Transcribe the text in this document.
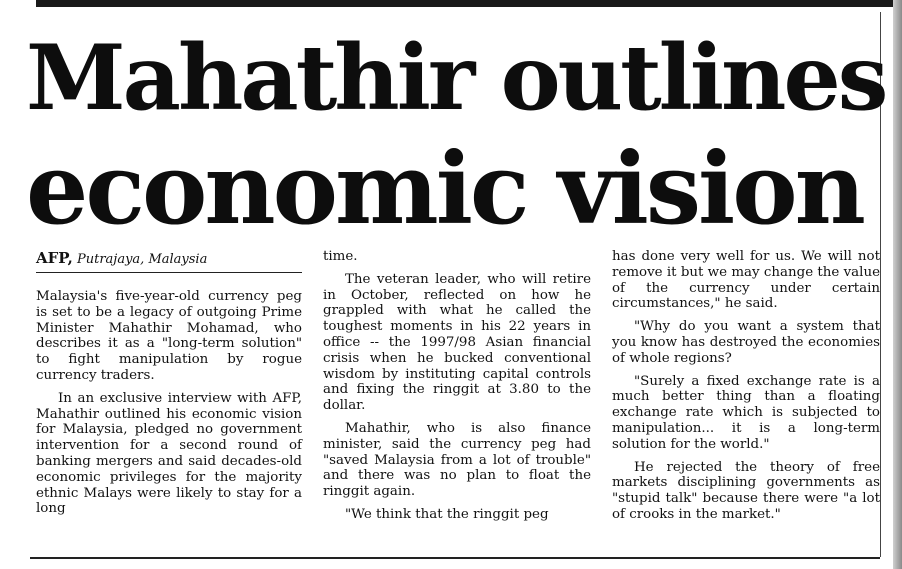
Mahathir outlines
economic vision
AFP, Putrajaya, Malaysia

Malaysia's five-year-old currency peg is set to be a legacy of outgoing Prime Minister Mahathir Mohamad, who describes it as a "long-term solution" to fight manipulation by rogue currency traders.

In an exclusive interview with AFP, Mahathir outlined his economic vision for Malaysia, pledged no government intervention for a second round of banking mergers and said decades-old economic privileges for the majority ethnic Malays were likely to stay for a long

time.

The veteran leader, who will retire in October, reflected on how he grappled with what he called the toughest moments in his 22 years in office -- the 1997/98 Asian financial crisis when he bucked conventional wisdom by instituting capital controls and fixing the ringgit at 3.80 to the dollar.

Mahathir, who is also finance minister, said the currency peg had "saved Malaysia from a lot of trouble" and there was no plan to float the ringgit again.

"We think that the ringgit peg

has done very well for us. We will not remove it but we may change the value of the currency under certain circumstances," he said.

"Why do you want a system that you know has destroyed the economies of whole regions?

"Surely a fixed exchange rate is a much better thing than a floating exchange rate which is subjected to manipulation... it is a long-term solution for the world."

He rejected the theory of free markets disciplining governments as "stupid talk" because there were "a lot of crooks in the market."
